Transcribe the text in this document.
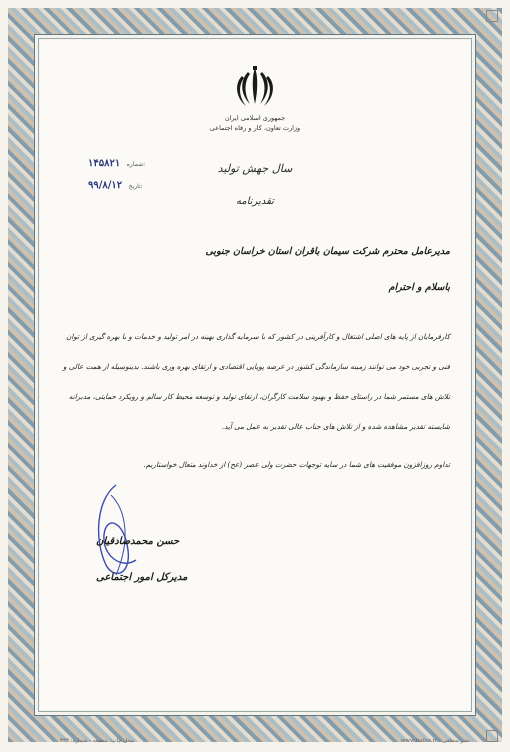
جمهوری اسلامی ایران
وزارت تعاون، کار و رفاه اجتماعی
سال جهش تولید
تقدیرنامه
۱۴۵۸۲۱ شماره:
۹۹/۸/۱۲ تاریخ:
مدیرعامل محترم شرکت سیمان باقران استان خراسان جنوبی
باسلام و احترام
کارفرمایان از پایه های اصلی اشتغال و کارآفرینی در کشور که با سرمایه گذاری بهینه در امر تولید و خدمات و با بهره گیری از توان فنی و تجربی خود می توانند زمینه سازماندگی کشور در عرصه پویایی اقتصادی و ارتقای بهره وری باشند. بدینوسیله از همت عالی و تلاش های مستمر شما در راستای حفظ و بهبود سلامت کارگران، ارتقای تولید و توسعه محیط کار سالم و رویکرد حمایتی، مدبرانه شایسته تقدیر مشاهده شده و از تلاش های جناب عالی تقدیر به عمل می آید.
تداوم روزافزون موفقیت های شما در سایه توجهات حضرت ولی عصر (عج) از خداوند متعال خواستاریم.
حسن محمدصادقیان
مدیرکل امور اجتماعی
محل چاپ: مطبعه - شماره: ۳۴۳	www.hafez.ir - نشر منطقی
